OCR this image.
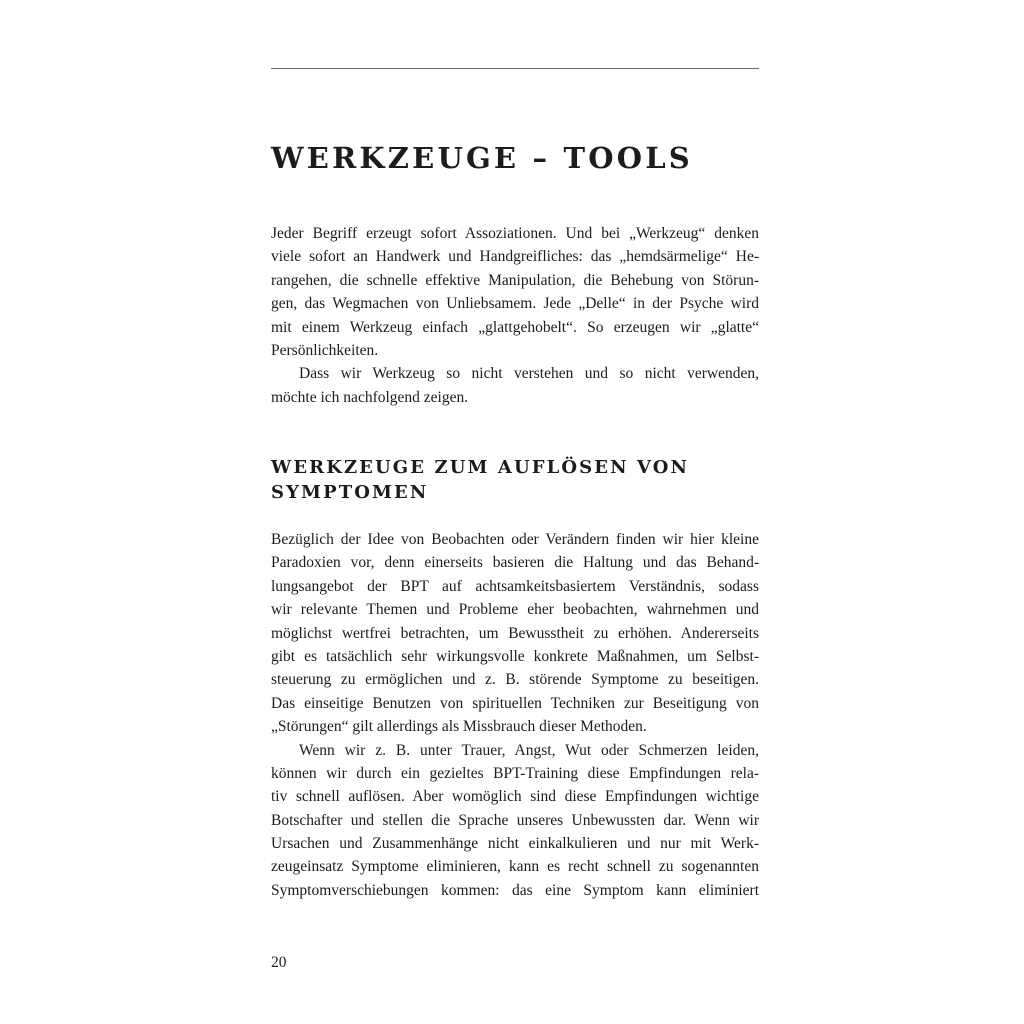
WERKZEUGE – TOOLS
Jeder Begriff erzeugt sofort Assoziationen. Und bei „Werkzeug“ denken
viele sofort an Handwerk und Handgreifliches: das „hemdsärmelige“ He-
rangehen, die schnelle effektive Manipulation, die Behebung von Störun-
gen, das Wegmachen von Unliebsamem. Jede „Delle“ in der Psyche wird
mit einem Werkzeug einfach „glattgehobelt“. So erzeugen wir „glatte“
Persönlichkeiten.
Dass wir Werkzeug so nicht verstehen und so nicht verwenden,
möchte ich nachfolgend zeigen.
WERKZEUGE ZUM AUFLÖSEN VON
SYMPTOMEN
Bezüglich der Idee von Beobachten oder Verändern finden wir hier kleine
Paradoxien vor, denn einerseits basieren die Haltung und das Behand-
lungsangebot der BPT auf achtsamkeitsbasiertem Verständnis, sodass
wir relevante Themen und Probleme eher beobachten, wahrnehmen und
möglichst wertfrei betrachten, um Bewusstheit zu erhöhen. Andererseits
gibt es tatsächlich sehr wirkungsvolle konkrete Maßnahmen, um Selbst-
steuerung zu ermöglichen und z. B. störende Symptome zu beseitigen.
Das einseitige Benutzen von spirituellen Techniken zur Beseitigung von
„Störungen“ gilt allerdings als Missbrauch dieser Methoden.
Wenn wir z. B. unter Trauer, Angst, Wut oder Schmerzen leiden,
können wir durch ein gezieltes BPT-Training diese Empfindungen rela-
tiv schnell auflösen. Aber womöglich sind diese Empfindungen wichtige
Botschafter und stellen die Sprache unseres Unbewussten dar. Wenn wir
Ursachen und Zusammenhänge nicht einkalkulieren und nur mit Werk-
zeugeinsatz Symptome eliminieren, kann es recht schnell zu sogenannten
Symptomverschiebungen kommen: das eine Symptom kann eliminiert
20
